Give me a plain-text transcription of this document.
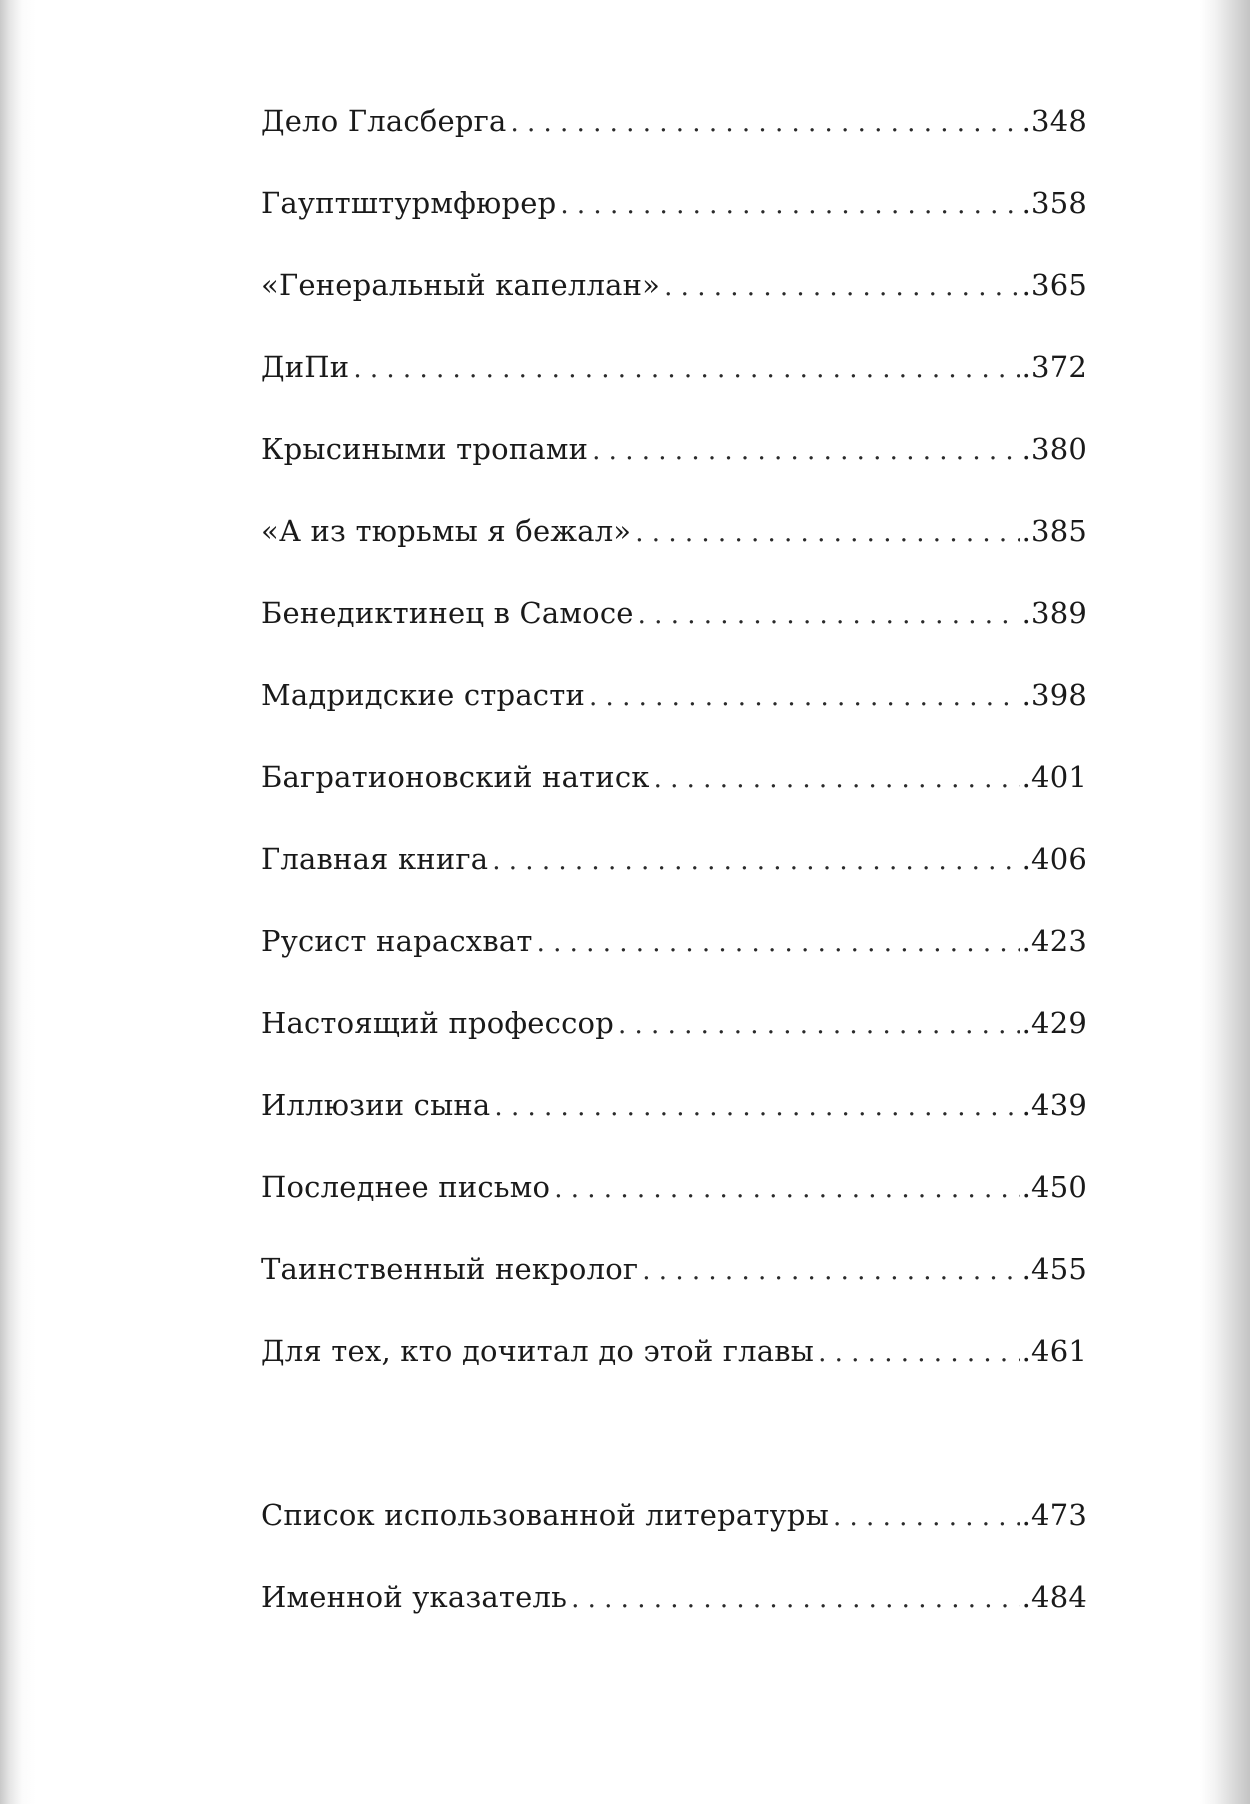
Дело Гласберга . . .	. 348
Гауптштурмфюрер . . .	. 358
«Генеральный капеллан» . . .	. 365
ДиПи . . .	. 372
Крысиными тропами . . .	. 380
«А из тюрьмы я бежал» . . .	. 385
Бенедиктинец в Самосе . . .	. 389
Мадридские страсти . . .	. 398
Багратионовский натиск . . .	. 401
Главная книга . . .	. 406
Русист нарасхват . . .	. 423
Настоящий профессор . . .	. 429
Иллюзии сына . . .	. 439
Последнее письмо . . .	. 450
Таинственный некролог . . .	. 455
Для тех, кто дочитал до этой главы . . .	. 461
Список использованной литературы . . .	. 473
Именной указатель . . .	. 484
